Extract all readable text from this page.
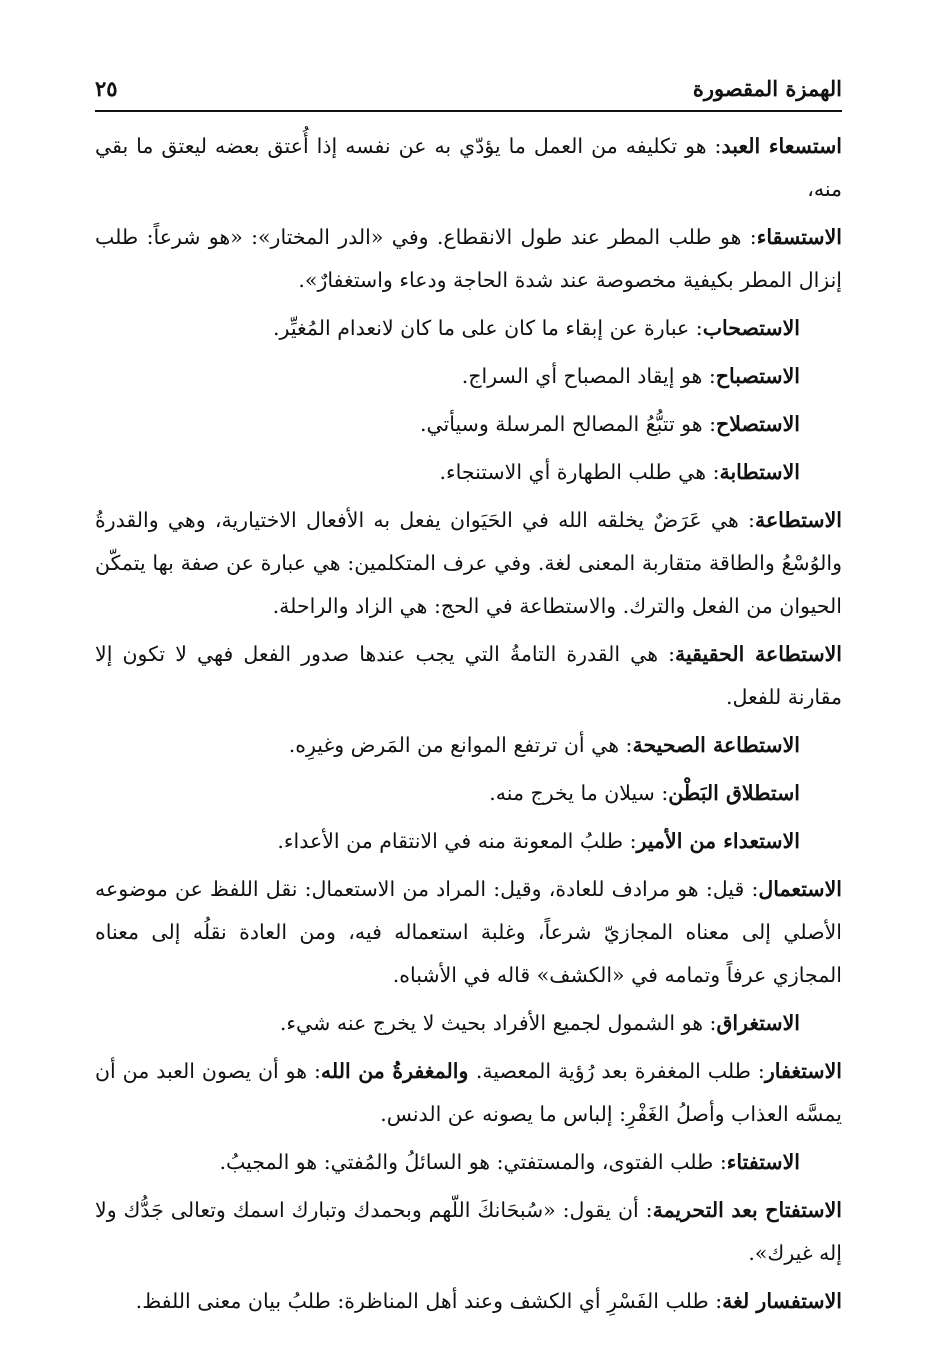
الهمزة المقصورة
٢٥

استسعاء العبد: هو تكليفه من العمل ما يؤدّي به عن نفسه إذا أُعتق بعضه ليعتق ما بقي منه،

الاستسقاء: هو طلب المطر عند طول الانقطاع. وفي «الدر المختار»: «هو شرعاً: طلب إنزال المطر بكيفية مخصوصة عند شدة الحاجة ودعاء واستغفارٌ».

الاستصحاب: عبارة عن إبقاء ما كان على ما كان لانعدام المُغيِّر.

الاستصباح: هو إيقاد المصباح أي السراج.

الاستصلاح: هو تتبُّعُ المصالح المرسلة وسيأتي.

الاستطابة: هي طلب الطهارة أي الاستنجاء.

الاستطاعة: هي عَرَضٌ يخلقه الله في الحَيَوان يفعل به الأفعال الاختيارية، وهي والقدرةُ والوُسْعُ والطاقة متقاربة المعنى لغة. وفي عرف المتكلمين: هي عبارة عن صفة بها يتمكّن الحيوان من الفعل والترك. والاستطاعة في الحج: هي الزاد والراحلة.

الاستطاعة الحقيقية: هي القدرة التامةُ التي يجب عندها صدور الفعل فهي لا تكون إلا مقارنة للفعل.

الاستطاعة الصحيحة: هي أن ترتفع الموانع من المَرض وغيرِه.

استطلاق البَطْن: سيلان ما يخرج منه.

الاستعداء من الأمير: طلبُ المعونة منه في الانتقام من الأعداء.

الاستعمال: قيل: هو مرادف للعادة، وقيل: المراد من الاستعمال: نقل اللفظ عن موضوعه الأصلي إلى معناه المجازيّ شرعاً، وغلبة استعماله فيه، ومن العادة نقلُه إلى معناه المجازي عرفاً وتمامه في «الكشف» قاله في الأشباه.

الاستغراق: هو الشمول لجميع الأفراد بحيث لا يخرج عنه شيء.

الاستغفار: طلب المغفرة بعد رُؤية المعصية. والمغفرةُ من الله: هو أن يصون العبد من أن يمسَّه العذاب وأصلُ الغَفْرِ: إلباس ما يصونه عن الدنس.

الاستفتاء: طلب الفتوى، والمستفتي: هو السائلُ والمُفتي: هو المجيبُ.

الاستفتاح بعد التحريمة: أن يقول: «سُبحَانكَ اللّهم وبحمدك وتبارك اسمك وتعالى جَدُّك ولا إله غيرك».

الاستفسار لغة: طلب الفَسْرِ أي الكشف وعند أهل المناظرة: طلبُ بيان معنى اللفظ.
